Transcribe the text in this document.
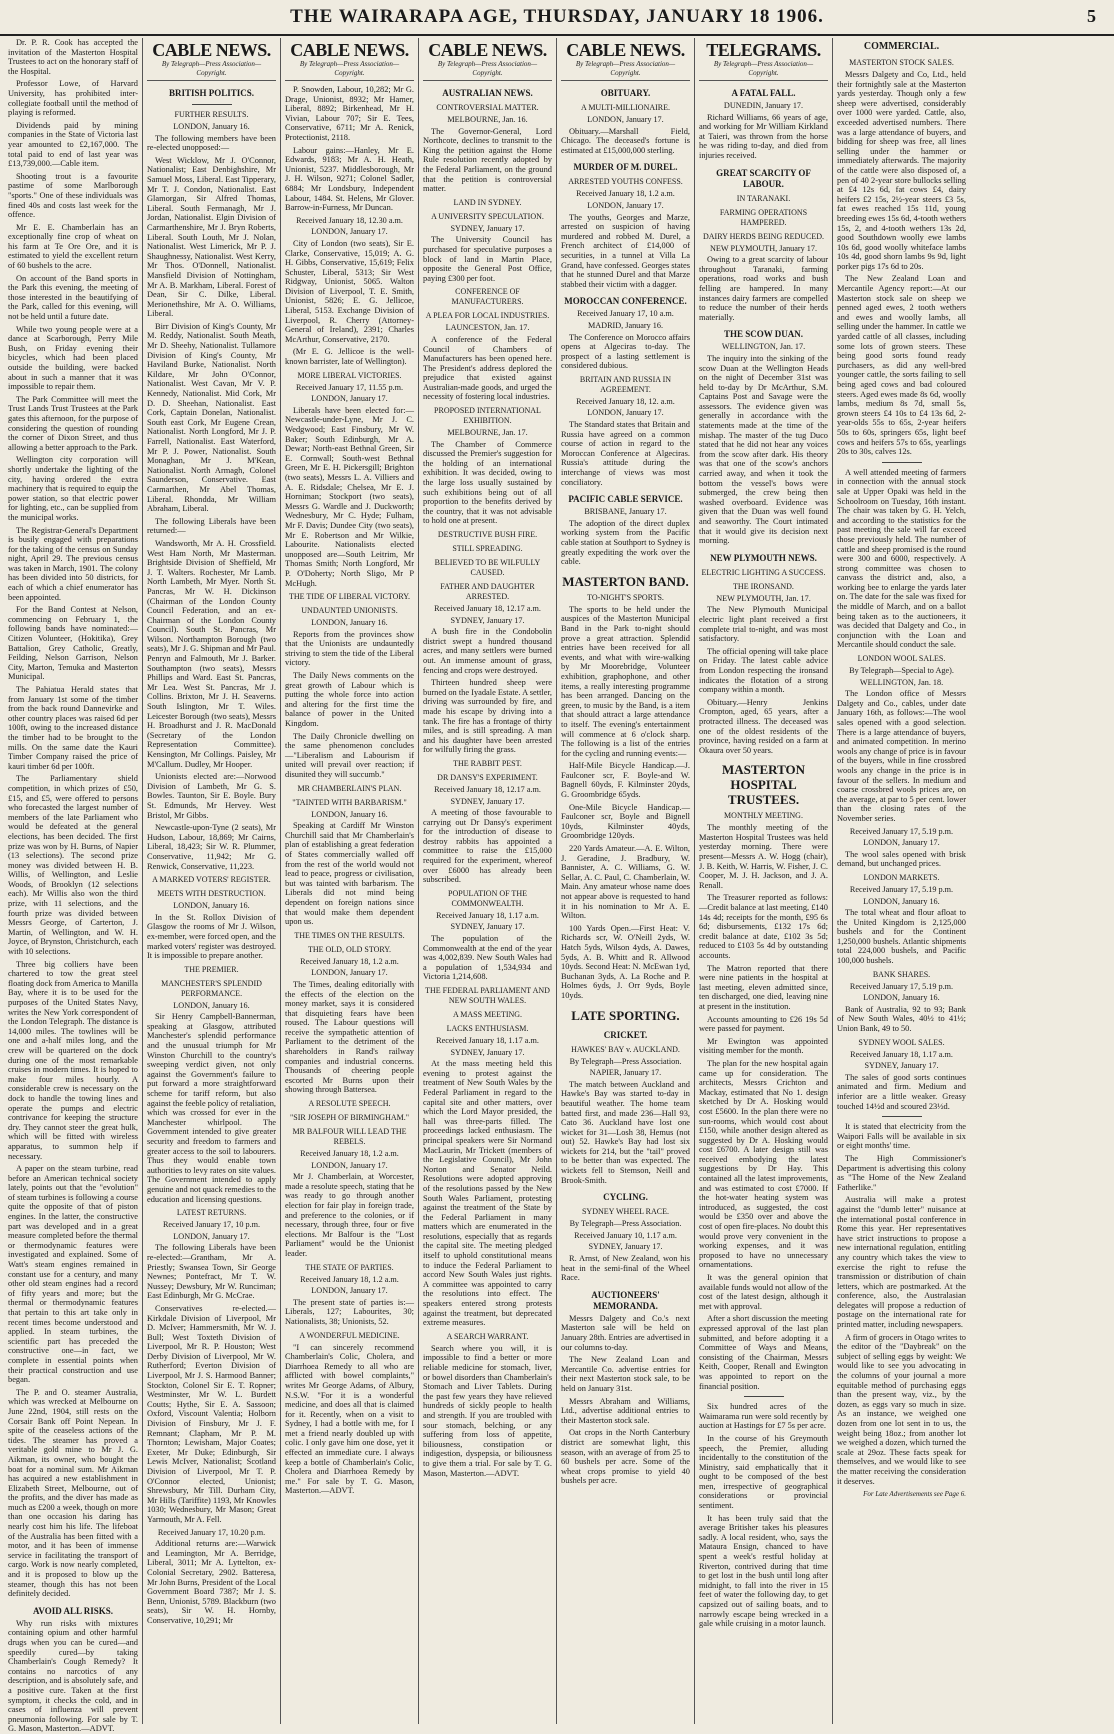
THE WAIRARAPA AGE, THURSDAY, JANUARY 18 1906.	5

Dr. P. R. Cook has accepted the invitation of the Masterton Hospital Trustees to act on the honorary staff of the Hospital.

Professor Lowe, of Harvard University, has prohibited inter-collegiate football until the method of playing is reformed.

Dividends paid by mining companies in the State of Victoria last year amounted to £2,167,000. The total paid to end of last year was £13,739,000.—Cable item.

Shooting trout is a favourite pastime of some Marlborough "sports." One of these individuals was fined 40s and costs last week for the offence.

Mr E. E. Chamberlain has an exceptionally fine crop of wheat on his farm at Te Ore Ore, and it is estimated to yield the excellent return of 60 bushels to the acre.

On account of the Band sports in the Park this evening, the meeting of those interested in the beautifying of the Park, called for this evening, will not be held until a future date.

While two young people were at a dance at Scarborough, Perry Mile Bush, on Friday evening their bicycles, which had been placed outside the building, were backed about in such a manner that it was impossible to repair them.

The Park Committee will meet the Trust Lands Trust Trustees at the Park gates this afternoon, for the purpose of considering the question of rounding the corner of Dixon Street, and thus allowing a better approach to the Park.

Wellington city corporation will shortly undertake the lighting of the city, having ordered the extra machinery that is required to equip the power station, so that electric power for lighting, etc., can be supplied from the municipal works.

The Registrar-General's Department is busily engaged with preparations for the taking of the census on Sunday night, April 29. The previous census was taken in March, 1901. The colony has been divided into 50 districts, for each of which a chief enumerator has been appointed.

For the Band Contest at Nelson, commencing on February 1, the following bands have nominated:—Citizen Volunteer, (Hokitika), Grey Battalion, Grey Catholic, Greatly, Feilding, Nelson Garrison, Nelson City, Marton, Temuka and Masterton Municipal.

The Pahiatua Herald states that from January 1st some of the timber from the back round Dannevirke and other country places was raised 6d per 100ft, owing to the increased distance the timber had to be brought to the mills. On the same date the Kauri Timber Company raised the price of kauri timber 6d per 100ft.

The Parliamentary shield competition, in which prizes of £50, £15, and £5, were offered to persons who forecasted the largest number of members of the late Parliament who would be defeated at the general elections, has been decided. The first prize was won by H. Burns, of Napier (13 selections). The second prize money was divided between H. B. Willis, of Wellington, and Leslie Woods, of Brooklyn (12 selections each). Mr Willis also won the third prize, with 11 selections, and the fourth prize was divided between Messrs George, of Carterton, J. Martin, of Wellington, and W. H. Joyce, of Brynston, Christchurch, each with 10 selections.

Three big colliers have been chartered to tow the great steel floating dock from America to Manilla Bay, where it is to be used for the purposes of the United States Navy, writes the New York correspondent of the London Telegraph. The distance is 14,000 miles. The towlines will be one and a-half miles long, and the crew will be quartered on the dock during one of the most remarkable cruises in modern times. It is hoped to make four miles hourly. A considerable crew is necessary on the dock to handle the towing lines and operate the pumps and electric contrivance for keeping the structure dry. They cannot steer the great hulk, which will be fitted with wireless apparatus, to summon help if necessary.

A paper on the steam turbine, read before an American technical society lately, points out that the "evolution" of steam turbines is following a course quite the opposite of that of piston engines. In the latter, the constructive part was developed and in a great measure completed before the thermal or thermodynamic features were investigated and explained. Some of Watt's steam engines remained in constant use for a century, and many other old steam engines had a record of fifty years and more; but the thermal or thermodynamic features that pertain to this art take only in recent times become understood and applied. In steam turbines, the scientific part has preceded the constructive one—in fact, we complete in essential points when their practical construction and use began.

The P. and O. steamer Australia, which was wrecked at Melbourne on June 22nd, 1904, still rests on the Corsair Bank off Point Nepean. In spite of the ceaseless actions of the tides. The steamer has proved a veritable gold mine to Mr J. G. Aikman, its owner, who bought the boat for a nominal sum. Mr Aikman has acquired a new establishment in Elizabeth Street, Melbourne, out of the profits, and the diver has made as much as £200 a week, though on more than one occasion his daring has nearly cost him his life. The lifeboat of the Australia has been fitted with a motor, and it has been of immense service in facilitating the transport of cargo. Work is now nearly completed, and it is proposed to blow up the steamer, though this has not been definitely decided.

AVOID ALL RISKS.

Why run risks with mixtures containing opium and other harmful drugs when you can be cured—and speedily cured—by taking Chamberlain's Cough Remedy? It contains no narcotics of any description, and is absolutely safe, and a positive cure. Taken at the first symptom, it checks the cold, and in cases of influenza will prevent pneumonia following. For sale by T. G. Mason, Masterton.—ADVT.

CABLE NEWS.
By Telegraph—Press Association—Copyright.
BRITISH POLITICS.
FURTHER RESULTS.
LONDON, January 16.

The following members have been re-elected unopposed:—

West Wicklow, Mr J. O'Connor, Nationalist; East Denbighshire, Mr Samuel Moss, Liberal. East Tipperary, Mr T. J. Condon, Nationalist. East Glamorgan, Sir Alfred Thomas, Liberal. South Fermanagh, Mr J. Jordan, Nationalist. Elgin Division of Carmarthenshire, Mr J. Bryn Roberts, Liberal. South Louth, Mr J. Nolan, Nationalist. West Limerick, Mr P. J. Shaughnessy, Nationalist. West Kerry, Mr Thos. O'Donnell, Nationalist. Mansfield Division of Nottingham, Mr A. B. Markham, Liberal. Forest of Dean, Sir C. Dilke, Liberal. Merionethshire, Mr A. O. Williams, Liberal.

Birr Division of King's County, Mr M. Reddy, Nationalist. South Meath, Mr D. Sheehy, Nationalist. Tullamore Division of King's County, Mr Haviland Burke, Nationalist. North Kildare, Mr John O'Connor, Nationalist. West Cavan, Mr V. P. Kennedy, Nationalist. Mid Cork, Mr D. D. Sheehan, Nationalist. East Cork, Captain Donelan, Nationalist. South east Cork, Mr Eugene Crean, Nationalist. North Longford, Mr J. P. Farrell, Nationalist. East Waterford, Mr P. J. Power, Nationalist. South Monaghan, Mr J. M'Kean, Nationalist. North Armagh, Colonel Saunderson, Conservative. East Carmarthen, Mr Abel Thomas, Liberal. Rhondda, Mr William Abraham, Liberal.

The following Liberals have been returned:—

Wandsworth, Mr A. H. Crossfield. West Ham North, Mr Masterman. Brightside Division of Sheffield, Mr J. T. Walters. Rochester, Mr Lamb. North Lambeth, Mr Myer. North St. Pancras, Mr W. H. Dickinson (Chairman of the London County Council Federation, and an ex-Chairman of the London County Council). South St. Pancras, Mr Wilson. Northampton Borough (two seats), Mr J. G. Shipman and Mr Paul. Penryn and Falmouth, Mr J. Barker. Southampton (two seats), Messrs Phillips and Ward. East St. Pancras, Mr Lea. West St. Pancras, Mr J. Collins. Brixton, Mr J. H. Seaverns. South Islington, Mr T. Wiles. Leicester Borough (two seats), Messrs H. Broadhurst and J. R. MacDonald (Secretary of the London Representation Committee). Kensington, Mr Collings. Paisley, Mr M'Callum. Dudley, Mr Hooper.

Unionists elected are:—Norwood Division of Lambeth, Mr G. S. Bowles. Taunton, Sir E. Boyle. Bury St. Edmunds, Mr Hervey. West Bristol, Mr Gibbs.

Newcastle-upon-Tyne (2 seats), Mr Hudson, Labour, 18,869; Mr Cairns, Liberal, 18,423; Sir W. R. Plummer, Conservative, 11,942; Mr G. Renwick, Conservative, 11,223.

A MARKED VOTERS' REGISTER.
MEETS WITH DESTRUCTION.
LONDON, January 16.

In the St. Rollox Division of Glasgow the rooms of Mr J. Wilson, ex-member, were forced open, and the marked voters' register was destroyed. It is impossible to prepare another.

THE PREMIER.
MANCHESTER'S SPLENDID PERFORMANCE.
LONDON, January 16.

Sir Henry Campbell-Bannerman, speaking at Glasgow, attributed Manchester's splendid performance and the unusual triumph for Mr Winston Churchill to the country's sweeping verdict given, not only against the Government's failure to put forward a more straightforward scheme for tariff reform, but also against the feeble policy of retaliation, which was crossed for ever in the Manchester whirlpool. The Government intended to give greater security and freedom to farmers and greater access to the soil to labourers. Thus they would enable town authorities to levy rates on site values. The Government intended to apply genuine and not quack remedies to the education and licensing questions.

LATEST RETURNS.
Received January 17, 10 p.m.
LONDON, January 17.

The following Liberals have been re-elected:—Grantham, Mr A. Priestly; Swansea Town, Sir George Newnes; Pontefract, Mr T. W. Nussey; Dewsbury, Mr W. Runciman; East Edinburgh, Mr G. McCrae.

Conservatives re-elected.—Kirkdale Division of Liverpool, Mr D. McIver; Hammersmith, Mr W. J. Bull; West Toxteth Division of Liverpool, Mr R. P. Houston; West Derby Division of Liverpool, Mr W. Rutherford; Everton Division of Liverpool, Mr J. S. Harmood Banner; Stockton, Colonel Sir E. T. Ropner; Westminster, Mr W. L. Burdett Coutts; Hythe, Sir E. A. Sassoon; Oxford, Viscount Valentia; Holborn Division of Finsbury, Mr J. F. Remnant; Clapham, Mr P. M. Thornton; Lewisham, Major Coates; Exeter, Mr Duke; Edinburgh, Sir Lewis McIver, Nationalist; Scotland Division of Liverpool, Mr T. P. O'Connor elected, Unionist; Shrewsbury, Mr Till. Durham City, Mr Hills (Tariffite) 1193, Mr Knowles 1030; Wednesbury, Mr Mason; Great Yarmouth, Mr A. Fell.

Received January 17, 10.20 p.m.

Additional returns are:—Warwick and Leamington, Mr A. Berridge, Liberal, 3011; Mr A. Lyttelton, ex-Colonial Secretary, 2902. Batteresa, Mr John Burns, President of the Local Government Board 7387; Mr J. S. Benn, Unionist, 5789. Blackburn (two seats), Sir W. H. Hornby, Conservative, 10,291; Mr

CABLE NEWS.
By Telegraph—Press Association—Copyright.

P. Snowden, Labour, 10,282; Mr G. Drage, Unionist, 8932; Mr Hamer, Liberal, 8892; Birkenhead, Mr H. Vivian, Labour 707; Sir E. Tees, Conservative, 6711; Mr A. Renick, Protectionist, 2118.

Labour gains:—Hanley, Mr E. Edwards, 9183; Mr A. H. Heath, Unionist, 5237. Middlesborough, Mr J. H. Wilson, 9271; Colonel Sadler, 6884; Mr Londsbury, Independent Labour, 1484. St. Helens, Mr Glover. Barrow-in-Furness, Mr Duncan.

Received January 18, 12.30 a.m.
LONDON, January 17.

City of London (two seats), Sir E. Clarke, Conservative, 15,019; A. G. H. Gibbs, Conservative, 15,619; Felix Schuster, Liberal, 5313; Sir West Ridgway, Unionist, 5065. Walton Division of Liverpool, T. E. Smith, Unionist, 5826; E. G. Jellicoe, Liberal, 5153. Exchange Division of Liverpool, R. Cherry (Attorney-General of Ireland), 2391; Charles McArthur, Conservative, 2170.

(Mr E. G. Jellicoe is the well-known barrister, late of Wellington).

MORE LIBERAL VICTORIES.
Received January 17, 11.55 p.m.
LONDON, January 17.

Liberals have been elected for:—Newcastle-under-Lyne, Mr J. C. Wedgwood; East Finsbury, Mr W. Baker; South Edinburgh, Mr A. Dewar; North-east Bethnal Green, Sir E. Cornwall; South-west Bethnal Green, Mr E. H. Pickersgill; Brighton (two seats), Messrs L. A. Villiers and A. E. Ridsdale; Chelsea, Mr E. J. Horniman; Stockport (two seats), Messrs G. Wardle and J. Duckworth; Wednesbury, Mr C. Hyde; Fulham, Mr F. Davis; Dundee City (two seats), Mr E. Robertson and Mr Wilkie, Labourite. Nationalists elected unopposed are—South Leitrim, Mr Thomas Smith; North Longford, Mr P. O'Doherty; North Sligo, Mr P McHugh.

THE TIDE OF LIBERAL VICTORY.
UNDAUNTED UNIONISTS.
LONDON, January 16.

Reports from the provinces show that the Unionists are undauntedly striving to stem the tide of the Liberal victory.

The Daily News comments on the great growth of Labour which is putting the whole force into action and altering for the first time the balance of power in the United Kingdom.

The Daily Chronicle dwelling on the same phenomenon concludes—"Liberalism and Labourism if united will prevail over reaction; if disunited they will succumb."

MR CHAMBERLAIN'S PLAN.
"TAINTED WITH BARBARISM."
LONDON, January 16.

Speaking at Cardiff Mr Winston Churchill said that Mr Chamberlain's plan of establishing a great federation of States commercially walled off from the rest of the world would not lead to peace, progress or civilisation, but was tainted with barbarism. The Liberals did not mind being dependent on foreign nations since that would make them dependent upon us.

THE TIMES ON THE RESULTS.
THE OLD, OLD STORY.
Received January 18, 1.2 a.m.
LONDON, January 17.

The Times, dealing editorially with the effects of the election on the money market, says it is considered that disquieting fears have been roused. The Labour questions will receive the sympathetic attention of Parliament to the detriment of the shareholders in Rand's railway companies and industrial concerns. Thousands of cheering people escorted Mr Burns upon their showing through Battersea.

A RESOLUTE SPEECH.
"SIR JOSEPH OF BIRMINGHAM."
MR BALFOUR WILL LEAD THE REBELS.
Received January 18, 1.2 a.m.
LONDON, January 17.

Mr J. Chamberlain, at Worcester, made a resolute speech, stating that he was ready to go through another election for fair play in foreign trade, and preference to the colonies, or if necessary, through three, four or five elections. Mr Balfour is the "Lost Parliament" would be the Unionist leader.

THE STATE OF PARTIES.
Received January 18, 1.2 a.m.
LONDON, January 17.

The present state of parties is:—Liberals, 127; Labourites, 30; Nationalists, 38; Unionists, 52.

A WONDERFUL MEDICINE.

"I can sincerely recommend Chamberlain's Colic, Cholera, and Diarrhoea Remedy to all who are afflicted with bowel complaints," writes Mr George Adams, of Albury, N.S.W. "For it is a wonderful medicine, and does all that is claimed for it. Recently, when on a visit to Sydney, I had a bottle with me, for I met a friend nearly doubled up with colic. I only gave him one dose, yet it effected an immediate cure. I always keep a bottle of Chamberlain's Colic, Cholera and Diarrhoea Remedy by me." For sale by T. G. Mason, Masterton.—ADVT.

CABLE NEWS.
By Telegraph—Press Association—Copyright.
AUSTRALIAN NEWS.
CONTROVERSIAL MATTER.
MELBOURNE, Jan. 16.

The Governor-General, Lord Northcote, declines to transmit to the King the petition against the Home Rule resolution recently adopted by the Federal Parliament, on the ground that the petition is controversial matter.

LAND IN SYDNEY.
A UNIVERSITY SPECULATION.
SYDNEY, January 17.

The University Council has purchased for speculative purposes a block of land in Martin Place, opposite the General Post Office, paying £300 per foot.

CONFERENCE OF MANUFACTURERS.
A PLEA FOR LOCAL INDUSTRIES.
LAUNCESTON, Jan. 17.

A conference of the Federal Council of Chambers of Manufacturers has been opened here. The President's address deplored the prejudice that existed against Australian-made goods, and urged the necessity of fostering local industries.

PROPOSED INTERNATIONAL EXHIBITION.
MELBOURNE, Jan. 17.

The Chamber of Commerce discussed the Premier's suggestion for the holding of an international exhibition. It was decided, owing to the large loss usually sustained by such exhibitions being out of all proportion to the benefits derived by the country, that it was not advisable to hold one at present.

DESTRUCTIVE BUSH FIRE.
STILL SPREADING.
BELIEVED TO BE WILFULLY CAUSED.
FATHER AND DAUGHTER ARRESTED.
Received January 18, 12.17 a.m.
SYDNEY, January 17.

A bush fire in the Condobolin district swept a hundred thousand acres, and many settlers were burned out. An immense amount of grass, fencing and crops were destroyed.

Thirteen hundred sheep were burned on the Iyadale Estate. A settler, driving was surrounded by fire, and made his escape by driving into a tank. The fire has a frontage of thirty miles, and is still spreading. A man and his daughter have been arrested for wilfully firing the grass.

THE RABBIT PEST.
DR DANSY'S EXPERIMENT.
Received January 18, 12.17 a.m.
SYDNEY, January 17.

A meeting of those favourable to carrying out Dr Dansy's experiment for the introduction of disease to destroy rabbits has appointed a committee to raise the £15,000 required for the experiment, whereof over £6000 has already been subscribed.

POPULATION OF THE COMMONWEALTH.
Received January 18, 1.17 a.m.
SYDNEY, January 17.

The population of the Commonwealth at the end of the year was 4,002,839. New South Wales had a population of 1,534,934 and Victoria 1,214,608.

THE FEDERAL PARLIAMENT AND NEW SOUTH WALES.
A MASS MEETING.
LACKS ENTHUSIASM.
Received January 18, 1.17 a.m.
SYDNEY, January 17.

At the mass meeting held this evening to protest against the treatment of New South Wales by the Federal Parliament in regard to the capital site and other matters, over which the Lord Mayor presided, the hall was three-parts filled. The proceedings lacked enthusiasm. The principal speakers were Sir Normand MacLaurin, Mr Trickett (members of the Legislative Council), Mr John Norton and Senator Neild. Resolutions were adopted approving of the resolutions passed by the New South Wales Parliament, protesting against the treatment of the State by the Federal Parliament in many matters which are enumerated in the resolutions, especially that as regards the capital site. The meeting pledged itself to uphold constitutional means to induce the Federal Parliament to accord New South Wales just rights. A committee was appointed to carry the resolutions into effect. The speakers entered strong protests against the treatment, but deprecated extreme measures.

A SEARCH WARRANT.

Search where you will, it is impossible to find a better or more reliable medicine for stomach, liver, or bowel disorders than Chamberlain's Stomach and Liver Tablets. During the past few years they have relieved hundreds of sickly people to health and strength. If you are troubled with sour stomach, belching, or any suffering from loss of appetite, biliousness, constipation or indigestion, dyspepsia, or biliousness to give them a trial. For sale by T. G. Mason, Masterton.—ADVT.

CABLE NEWS.
By Telegraph—Press Association—Copyright.
OBITUARY.
A MULTI-MILLIONAIRE.
LONDON, January 17.

Obituary.—Marshall Field, Chicago. The deceased's fortune is estimated at £15,000,000 sterling.

MURDER OF M. DUREL.
ARRESTED YOUTHS CONFESS.
Received January 18, 1.2 a.m.
LONDON, January 17.

The youths, Georges and Marze, arrested on suspicion of having murdered and robbed M. Durel, a French architect of £14,000 of securities, in a tunnel at Villa La Grand, have confessed. Georges states that he stunned Durel and that Marze stabbed their victim with a dagger.

MOROCCAN CONFERENCE.
Received January 17, 10 a.m.
MADRID, January 16.

The Conference on Morocco affairs opens at Algeciras to-day. The prospect of a lasting settlement is considered dubious.

BRITAIN AND RUSSIA IN AGREEMENT.
Received January 18, 12. a.m.
LONDON, January 17.

The Standard states that Britain and Russia have agreed on a common course of action in regard to the Moroccan Conference at Algeciras. Russia's attitude during the interchange of views was most conciliatory.

PACIFIC CABLE SERVICE.
BRISBANE, January 17.

The adoption of the direct duplex working system from the Pacific cable station at Southport to Sydney is greatly expediting the work over the cable.

MASTERTON BAND.
TO-NIGHT'S SPORTS.

The sports to be held under the auspices of the Masterton Municipal Band in the Park to-night should prove a great attraction. Splendid entries have been received for all events, and what with wire-walking by Mr Moorebridge, Volunteer exhibition, graphophone, and other items, a really interesting programme has been arranged. Dancing on the green, to music by the Band, is a item that should attract a large attendance to itself. The evening's entertainment will commence at 6 o'clock sharp. The following is a list of the entries for the cycling and running events:—

Half-Mile Bicycle Handicap.—J. Faulconer scr, F. Boyle-and W. Bagnell 60yds, F. Kilminster 20yds, G. Groombridge 65yds.

One-Mile Bicycle Handicap.—Faulconer scr, Boyle and Bignell 10yds, Kilminster 40yds, Groombridge 120yds.

220 Yards Amateur.—A. E. Wilton, J. Geradine, J. Bradbury, W. Bannister, A. C. Williams, G. W. Sellar, A. C. Paul, C. Chamberlain, W. Main. Any amateur whose name does not appear above is requested to hand it in his nomination to Mr A. E. Wilton.

100 Yards Open.—First Heat: V. Richards scr, W. O'Neill 2yds, W. Hatch 5yds, Wilson 4yds, A. Dawes, 5yds, A. B. Whitt and R. Allwood 10yds. Second Heat: N. McEwan 1yd, Buchanan 3yds, A. La Roche and P. Holmes 6yds, J. Orr 9yds, Boyle 10yds.

LATE SPORTING.
CRICKET.
HAWKES' BAY v. AUCKLAND.
By Telegraph—Press Association.
NAPIER, January 17.

The match between Auckland and Hawke's Bay was started to-day in beautiful weather. The home team batted first, and made 236—Hall 93, Cato 36. Auckland have lost one wicket for 31—Losh 38, Hemus (not out) 52. Hawke's Bay had lost six wickets for 214, but the "tail" proved to be better than was expected. The wickets fell to Stemson, Neill and Brook-Smith.

CYCLING.
SYDNEY WHEEL RACE.
By Telegraph—Press Association.
Received January 10, 1.17 a.m.
SYDNEY, January 17.

R. Arnst, of New Zealand, won his heat in the semi-final of the Wheel Race.

AUCTIONEERS' MEMORANDA.

Messrs Dalgety and Co.'s next Masterton sale will be held on January 28th. Entries are advertised in our columns to-day.

The New Zealand Loan and Mercantile Co. advertise entries for their next Masterton stock sale, to be held on January 31st.

Messrs Abraham and Williams, Ltd., advertise additional entries to their Masterton stock sale.

Oat crops in the North Canterbury district are somewhat light, this season, with an average of from 25 to 60 bushels per acre. Some of the wheat crops promise to yield 40 bushels per acre.

TELEGRAMS.
By Telegraph—Press Association—Copyright.
A FATAL FALL.
DUNEDIN, January 17.

Richard Williams, 66 years of age, and working for Mr William Kirkland at Taieri, was thrown from the horse he was riding to-day, and died from injuries received.

GREAT SCARCITY OF LABOUR.
IN TARANAKI.
FARMING OPERATIONS HAMPERED.
DAIRY HERDS BEING REDUCED.
NEW PLYMOUTH, January 17.

Owing to a great scarcity of labour throughout Taranaki, farming operations, road works and bush felling are hampered. In many instances dairy farmers are compelled to reduce the number of their herds materially.

THE SCOW DUAN.
WELLINGTON, Jan. 17.

The inquiry into the sinking of the scow Duan at the Wellington Heads on the night of December 31st was held to-day by Dr McArthur, S.M. Captains Post and Savage were the assessors. The evidence given was generally in accordance with the statements made at the time of the mishap. The master of the tug Duco stated that he did not hear any voices from the scow after dark. His theory was that one of the scow's anchors carried away, and when it took the bottom the vessel's bows were submerged, the crew being then washed overboard. Evidence was given that the Duan was well found and seaworthy. The Court intimated that it would give its decision next morning.

NEW PLYMOUTH NEWS.
ELECTRIC LIGHTING A SUCCESS.
THE IRONSAND.
NEW PLYMOUTH, Jan. 17.

The New Plymouth Municipal electric light plant received a first complete trial to-night, and was most satisfactory.

The official opening will take place on Friday. The latest cable advice from London respecting the ironsand indicates the flotation of a strong company within a month.

Obituary.—Henry Jenkins Crompton, aged, 65 years, after a protracted illness. The deceased was one of the oldest residents of the province, having resided on a farm at Okaura over 50 years.

MASTERTON HOSPITAL TRUSTEES.
MONTHLY MEETING.

The monthly meeting of the Masterton Hospital Trustees was held yesterday morning. There were present—Messrs A. W. Hogg (chair), J. B. Keith, W. Harris, W. Fisher, J. C. Cooper, M. J. H. Jackson, and J. A. Renall.

The Treasurer reported as follows:—Credit balance at last meeting, £140 14s 4d; receipts for the month, £95 6s 6d; disbursements, £132 17s 6d; credit balance at date, £102 3s 5d; reduced to £103 5s 4d by outstanding accounts.

The Matron reported that there were nine patients in the hospital at last meeting, eleven admitted since, ten discharged, one died, leaving nine at present in the institution.

Accounts amounting to £26 19s 5d were passed for payment.

Mr Ewington was appointed visiting member for the month.

The plan for the new hospital again came up for consideration. The architects, Messrs Crichton and Mackay, estimated that No 1. design sketched by Dr A. Hosking would cost £5600. In the plan there were no sun-rooms, which would cost about £150, while another design altered as suggested by Dr A. Hosking would cost £6700. A later design still was received embodying the latest suggestions by Dr Hay. This contained all the latest improvements, and was estimated to cost £7000. If the hot-water heating system was introduced, as suggested, the cost would be £350 over and above the cost of open fire-places. No doubt this would prove very convenient in the working expenses, and it was proposed to have no unnecessary ornamentations.

It was the general opinion that available funds would not allow of the cost of the latest design, although it met with approval.

After a short discussion the meeting expressed approval of the last plan submitted, and before adopting it a Committee of Ways and Means, consisting of the Chairman, Messrs Keith, Cooper, Renall and Ewington was appointed to report on the financial position.

Six hundred acres of the Waimarama run were sold recently by auction at Hastings for £7 5s per acre.

In the course of his Greymouth speech, the Premier, alluding incidentally to the constitution of the Ministry, said emphatically that it ought to be composed of the best men, irrespective of geographical considerations or provincial sentiment.

It has been truly said that the average Britisher takes his pleasures sadly. A local resident, who, says the Mataura Ensign, chanced to have spent a week's restful holiday at Riverton, contrived during that time to get lost in the bush until long after midnight, to fall into the river in 15 feet of water the following day, to get capsized out of sailing boats, and to narrowly escape being wrecked in a gale while cruising in a motor launch.

COMMERCIAL.
MASTERTON STOCK SALES.

Messrs Dalgety and Co, Ltd., held their fortnightly sale at the Masterton yards yesterday. Though only a few sheep were advertised, considerably over 1000 were yarded. Cattle, also, exceeded advertised numbers. There was a large attendance of buyers, and bidding for sheep was free, all lines selling under the hammer or immediately afterwards. The majority of the cattle were also disposed of, a pen of 40 2-year store bullocks selling at £4 12s 6d, fat cows £4, dairy heifers £2 15s, 2½-year steers £3 5s, fat ewes reached 15s 11d, young breeding ewes 15s 6d, 4-tooth wethers 15s, 2, and 4-tooth wethers 13s 2d, good Southdown woolly ewe lambs 10s 6d, good woolly whiteface lambs 10s 4d, good shorn lambs 9s 9d, light porker pigs 17s 6d to 20s.

The New Zealand Loan and Mercantile Agency report:—At our Masterton stock sale on sheep we penned aged ewes, 2 tooth wethers and ewes and woolly lambs, all selling under the hammer. In cattle we yarded cattle of all classes, including some lots of grown steers. These being good sorts found ready purchasers, as did any well-bred younger cattle, the sorts failing to sell being aged cows and bad coloured steers. Aged ewes made 8s 6d, woolly lambs, medium 8s 7d, small 5s, grown steers £4 10s to £4 13s 6d, 2-year-olds 55s to 65s, 2-year heifers 50s to 60s, springers 65s, light beef cows and heifers 57s to 65s, yearlings 20s to 30s, calves 12s.

A well attended meeting of farmers in connection with the annual stock sale at Upper Opaki was held in the Schoolroom on Tuesday, 16th instant. The chair was taken by G. H. Yelch, and according to the statistics for the past meeting the sale will far exceed those previously held. The number of cattle and sheep promised is the round were 300 and 6000, respectively. A strong committee was chosen to canvass the district and, also, a working bee to enlarge the yards later on. The date for the sale was fixed for the middle of March, and on a ballot being taken as to the auctioneers, it was decided that Dalgety and Co., in conjunction with the Loan and Mercantile should conduct the sale.

LONDON WOOL SALES.
By Telegraph—Special to Age).
WELLINGTON, Jan. 18.

The London office of Messrs Dalgety and Co., cables, under date January 16th, as follows:—The wool sales opened with a good selection. There is a large attendance of buyers, and animated competition. In merino wools any change of price is in favour of the buyers, while in fine crossbred wools any change in the price is in favour of the sellers. In medium and coarse crossbred wools prices are, on the average, at par to 5 per cent. lower than the closing rates of the November series.

Received January 17, 5.19 p.m.
LONDON, January 17.

The wool sales opened with brisk demand, but unchanged prices.

LONDON MARKETS.
Received January 17, 5.19 p.m.
LONDON, January 16.

The total wheat and flour afloat to the United Kingdom is 2,125,000 bushels and for the Continent 1,250,000 bushels. Atlantic shipments total 224,000 bushels, and Pacific 100,000 bushels.

BANK SHARES.
Received January 17, 5.19 p.m.
LONDON, January 16.

Bank of Australia, 92 to 93; Bank of New South Wales, 40½ to 41½; Union Bank, 49 to 50.

SYDNEY WOOL SALES.
Received January 18, 1.17 a.m.
SYDNEY, January 17.

The sales of good sorts continues animated and firm. Medium and inferior are a little weaker. Greasy touched 14½d and scoured 23½d.

It is stated that electricity from the Waipori Falls will be available in six or eight months' time.

The High Commissioner's Department is advertising this colony as "The Home of the New Zealand Fatherlike."

Australia will make a protest against the "dumb letter" nuisance at the international postal conference in Rome this year. Her representatives have strict instructions to propose a new international regulation, entitling any country which takes the view to exercise the right to refuse the transmission or distribution of chain letters, which are postmarked. At the conference, also, the Australasian delegates will propose a reduction of postage on the international rate for printed matter, including newspapers.

A firm of grocers in Otago writes to the editor of the "Daybreak" on the subject of selling eggs by weight: We would like to see you advocating in the columns of your journal a more equitable method of purchasing eggs than the present way, viz., by the dozen, as eggs vary so much in size. As an instance, we weighed one dozen from one lot sent in to us, the weight being 18oz.; from another lot we weighed a dozen, which turned the scale at 29oz. These facts speak for themselves, and we would like to see the matter receiving the consideration it deserves.

For Late Advertisements see Page 6.
